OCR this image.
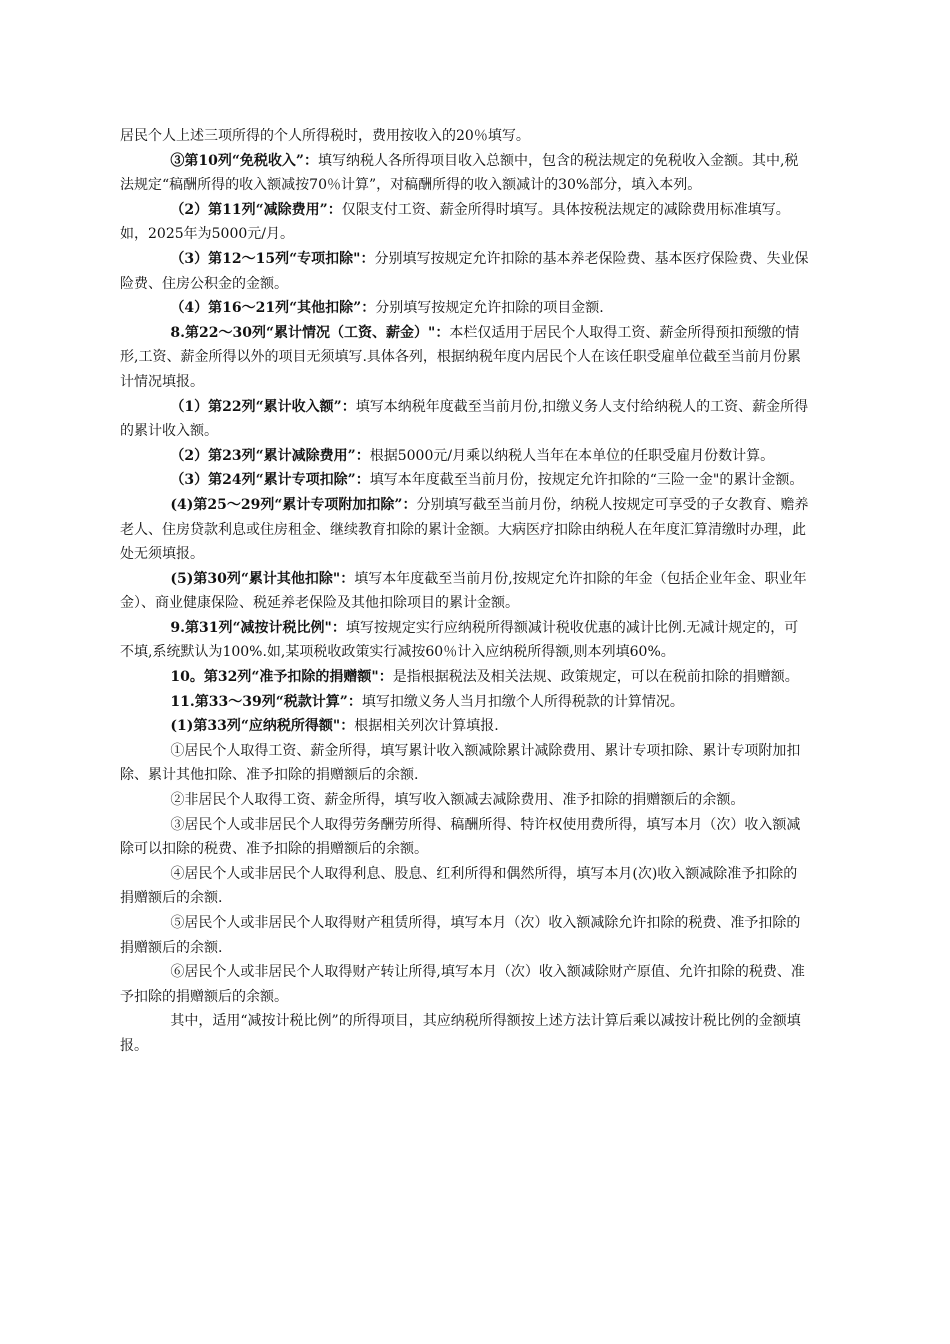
居民个人上述三项所得的个人所得税时，费用按收入的20％填写。

③第10列“免税收入”：填写纳税人各所得项目收入总额中，包含的税法规定的免税收入金额。其中,税法规定“稿酬所得的收入额减按70％计算”，对稿酬所得的收入额减计的30%部分，填入本列。

（2）第11列“减除费用”：仅限支付工资、薪金所得时填写。具体按税法规定的减除费用标准填写。如，2025年为5000元/月。

（3）第12～15列“专项扣除"：分别填写按规定允许扣除的基本养老保险费、基本医疗保险费、失业保险费、住房公积金的金额。

（4）第16～21列“其他扣除”：分别填写按规定允许扣除的项目金额.

8.第22～30列“累计情况（工资、薪金）"：本栏仅适用于居民个人取得工资、薪金所得预扣预缴的情形,工资、薪金所得以外的项目无须填写.具体各列，根据纳税年度内居民个人在该任职受雇单位截至当前月份累计情况填报。

（1）第22列“累计收入额”：填写本纳税年度截至当前月份,扣缴义务人支付给纳税人的工资、薪金所得的累计收入额。

（2）第23列“累计减除费用”：根据5000元/月乘以纳税人当年在本单位的任职受雇月份数计算。

（3）第24列“累计专项扣除”：填写本年度截至当前月份，按规定允许扣除的“三险一金"的累计金额。

(4)第25～29列“累计专项附加扣除”：分别填写截至当前月份，纳税人按规定可享受的子女教育、赡养老人、住房贷款利息或住房租金、继续教育扣除的累计金额。大病医疗扣除由纳税人在年度汇算清缴时办理，此处无须填报。

(5)第30列“累计其他扣除"：填写本年度截至当前月份,按规定允许扣除的年金（包括企业年金、职业年金）、商业健康保险、税延养老保险及其他扣除项目的累计金额。

9.第31列“减按计税比例"：填写按规定实行应纳税所得额减计税收优惠的减计比例.无减计规定的，可不填,系统默认为100%.如,某项税收政策实行减按60％计入应纳税所得额,则本列填60%。

10。第32列“准予扣除的捐赠额"：是指根据税法及相关法规、政策规定，可以在税前扣除的捐赠额。

11.第33～39列“税款计算”：填写扣缴义务人当月扣缴个人所得税款的计算情况。

(1)第33列“应纳税所得额"：根据相关列次计算填报.

①居民个人取得工资、薪金所得，填写累计收入额减除累计减除费用、累计专项扣除、累计专项附加扣除、累计其他扣除、准予扣除的捐赠额后的余额.

②非居民个人取得工资、薪金所得，填写收入额减去减除费用、准予扣除的捐赠额后的余额。

③居民个人或非居民个人取得劳务酬劳所得、稿酬所得、特许权使用费所得，填写本月（次）收入额减除可以扣除的税费、准予扣除的捐赠额后的余额。

④居民个人或非居民个人取得利息、股息、红利所得和偶然所得，填写本月(次)收入额减除准予扣除的捐赠额后的余额.

⑤居民个人或非居民个人取得财产租赁所得，填写本月（次）收入额减除允许扣除的税费、准予扣除的捐赠额后的余额.

⑥居民个人或非居民个人取得财产转让所得,填写本月（次）收入额减除财产原值、允许扣除的税费、准予扣除的捐赠额后的余额。

其中，适用“减按计税比例”的所得项目，其应纳税所得额按上述方法计算后乘以减按计税比例的金额填报。
